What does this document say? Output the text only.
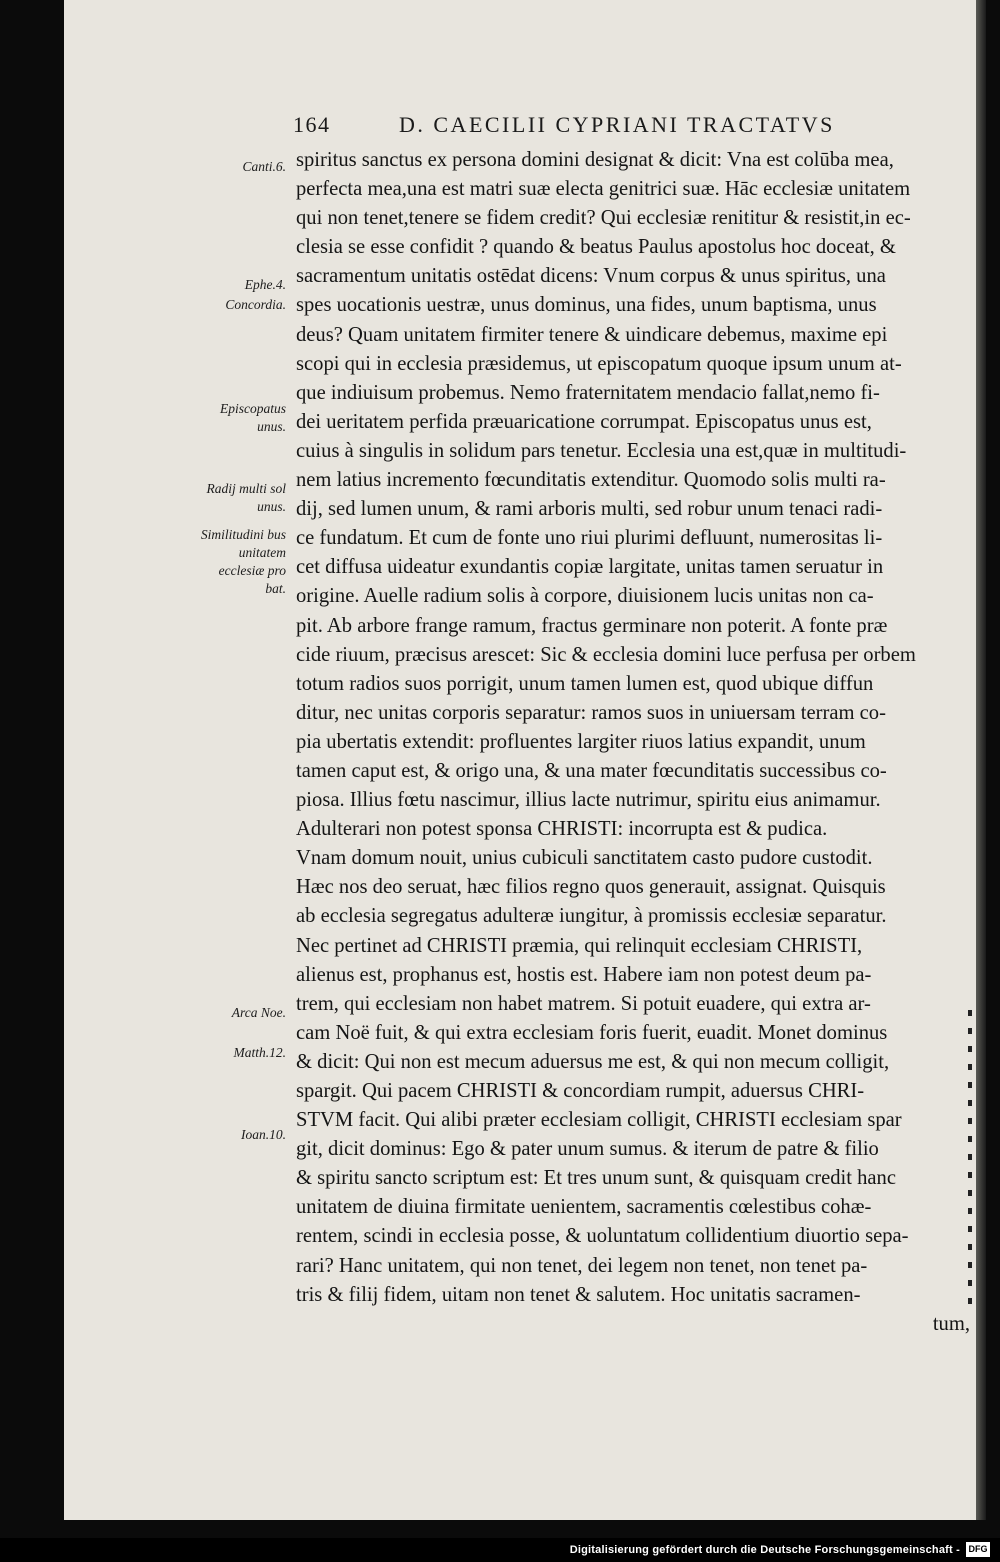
164	D. CAECILII CYPRIANI TRACTATVS
Canti.6.
Ephe.4.
Concordia.
Episcopatus unus.
Radij multi sol unus.
Similitudini bus unitatem ecclesiæ pro bat.
Arca Noe.
Matth.12.
Ioan.10.
spiritus sanctus ex persona domini designat & dicit: Vna est colūba mea,
perfecta mea,una est matri suæ electa genitrici suæ. Hāc ecclesiæ unitatem
qui non tenet,tenere se fidem credit? Qui ecclesiæ renititur & resistit,in ec-
clesia se esse confidit ? quando & beatus Paulus apostolus hoc doceat, &
sacramentum unitatis ostēdat dicens: Vnum corpus & unus spiritus, una
spes uocationis uestræ, unus dominus, una fides, unum baptisma, unus
deus? Quam unitatem firmiter tenere & uindicare debemus, maxime epi
scopi qui in ecclesia præsidemus, ut episcopatum quoque ipsum unum at-
que indiuisum probemus. Nemo fraternitatem mendacio fallat,nemo fi-
dei ueritatem perfida præuaricatione corrumpat. Episcopatus unus est,
cuius à singulis in solidum pars tenetur. Ecclesia una est,quæ in multitudi-
nem latius incremento fœcunditatis extenditur. Quomodo solis multi ra-
dij, sed lumen unum, & rami arboris multi, sed robur unum tenaci radi-
ce fundatum. Et cum de fonte uno riui plurimi defluunt, numerositas li-
cet diffusa uideatur exundantis copiæ largitate, unitas tamen seruatur in
origine. Auelle radium solis à corpore, diuisionem lucis unitas non ca-
pit. Ab arbore frange ramum, fractus germinare non poterit. A fonte præ
cide riuum, præcisus arescet: Sic & ecclesia domini luce perfusa per orbem
totum radios suos porrigit, unum tamen lumen est, quod ubique diffun
ditur, nec unitas corporis separatur: ramos suos in uniuersam terram co-
pia ubertatis extendit: profluentes largiter riuos latius expandit, unum
tamen caput est, & origo una, & una mater fœcunditatis successibus co-
piosa. Illius fœtu nascimur, illius lacte nutrimur, spiritu eius animamur.
Adulterari non potest sponsa CHRISTI: incorrupta est & pudica.
Vnam domum nouit, unius cubiculi sanctitatem casto pudore custodit.
Hæc nos deo seruat, hæc filios regno quos generauit, assignat. Quisquis
ab ecclesia segregatus adulteræ iungitur, à promissis ecclesiæ separatur.
Nec pertinet ad CHRISTI præmia, qui relinquit ecclesiam CHRISTI,
alienus est, prophanus est, hostis est. Habere iam non potest deum pa-
trem, qui ecclesiam non habet matrem. Si potuit euadere, qui extra ar-
cam Noë fuit, & qui extra ecclesiam foris fuerit, euadit. Monet dominus
& dicit: Qui non est mecum aduersus me est, & qui non mecum colligit,
spargit. Qui pacem CHRISTI & concordiam rumpit, aduersus CHRI-
STVM facit. Qui alibi præter ecclesiam colligit, CHRISTI ecclesiam spar
git, dicit dominus: Ego & pater unum sumus. & iterum de patre & filio
& spiritu sancto scriptum est: Et tres unum sunt, & quisquam credit hanc
unitatem de diuina firmitate uenientem, sacramentis cœlestibus cohæ-
rentem, scindi in ecclesia posse, & uoluntatum collidentium diuortio sepa-
rari? Hanc unitatem, qui non tenet, dei legem non tenet, non tenet pa-
tris & filij fidem, uitam non tenet & salutem. Hoc unitatis sacramen-
tum,
Digitalisierung gefördert durch die Deutsche Forschungsgemeinschaft - DFG
